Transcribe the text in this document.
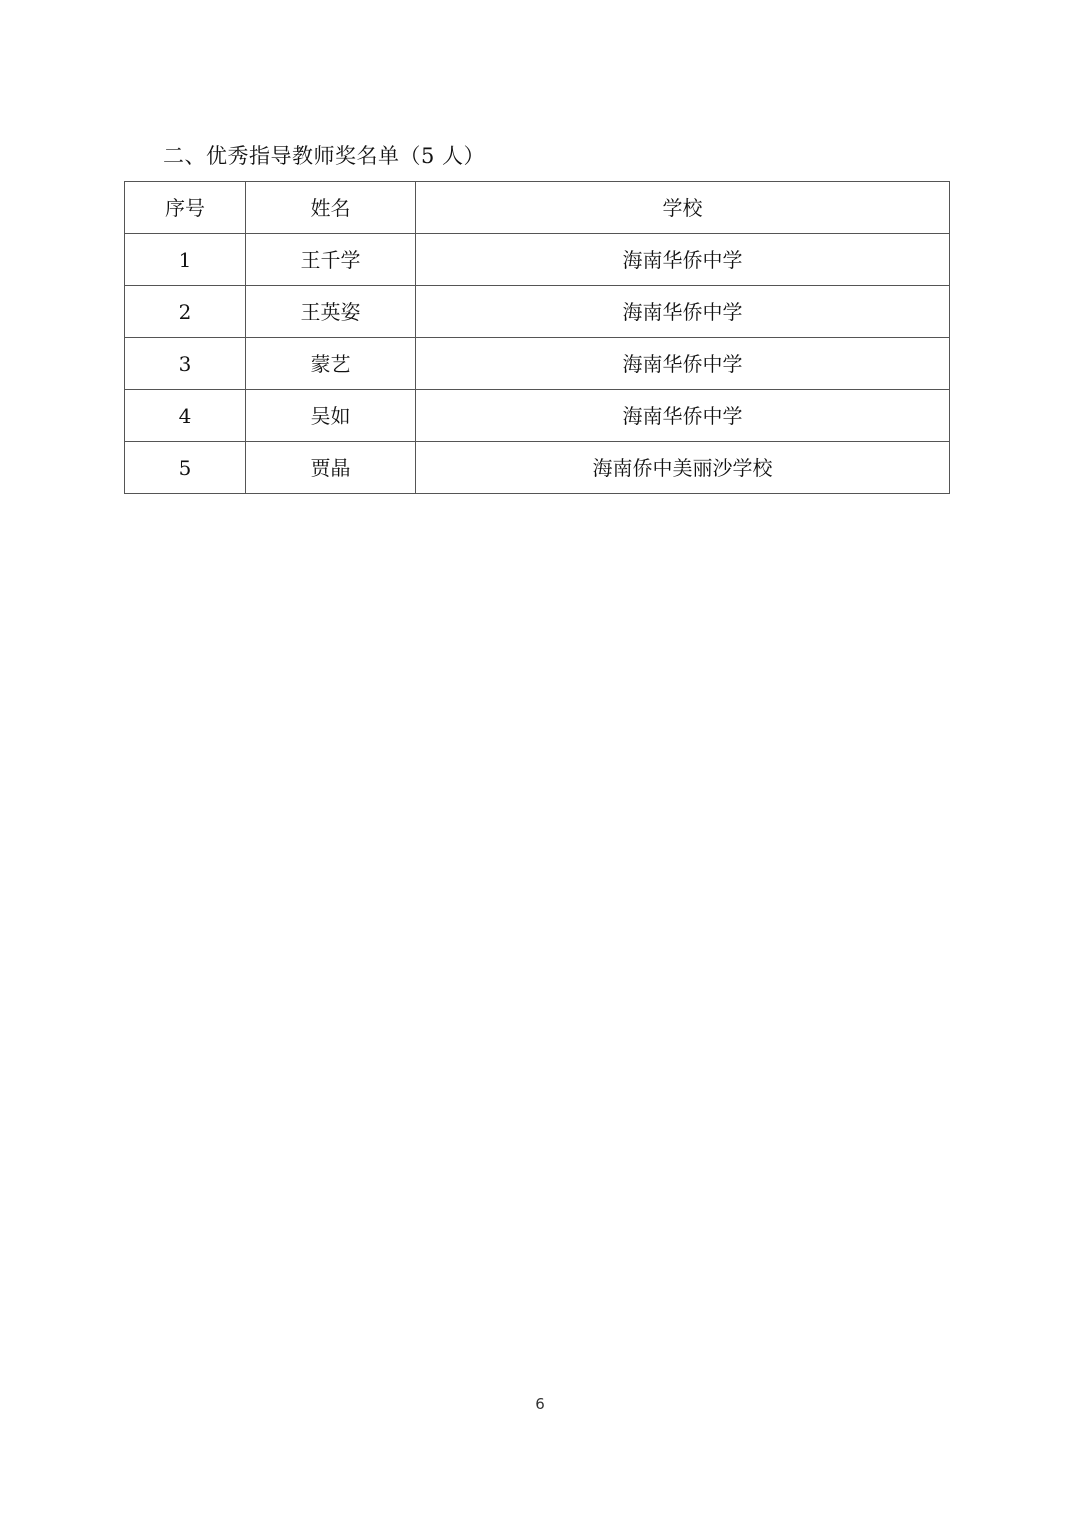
二、优秀指导教师奖名单（5 人）
序号	姓名	学校
1	王千学	海南华侨中学
2	王英姿	海南华侨中学
3	蒙艺	海南华侨中学
4	吴如	海南华侨中学
5	贾晶	海南侨中美丽沙学校
6
